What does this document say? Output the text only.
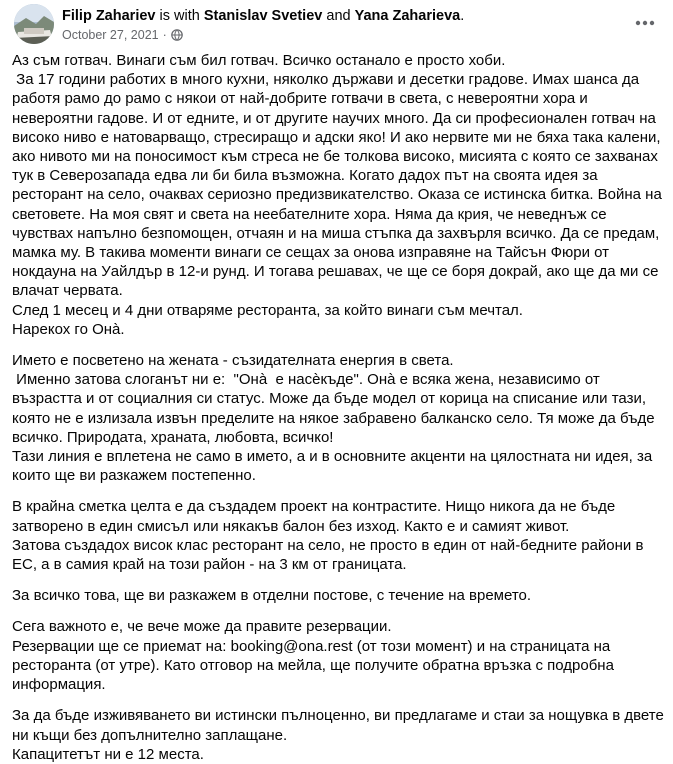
Filip Zahariev is with Stanislav Svetiev and Yana Zaharieva.
October 27, 2021 ·

Аз съм готвач. Винаги съм бил готвач. Всичко останало е просто хоби.
За 17 години работих в много кухни, няколко държави и десетки градове. Имах шанса да работя рамо до рамо с някои от най-добрите готвачи в света, с невероятни хора и невероятни гадове. И от едните, и от другите научих много. Да си професионален готвач на високо ниво е натоварващо, стресиращо и адски яко! И ако нервите ми не бяха така калени, ако нивото ми на поносимост към стреса не бе толкова високо, мисията с която се захванах тук в Северозапада едва ли би била възможна. Когато дадох път на своята идея за ресторант на село, очаквах сериозно предизвикателство. Оказа се истинска битка. Война на световете. На моя свят и света на неебателните хора. Няма да крия, че неведнъж се чувствах напълно безпомощен, отчаян и на миша стъпка да захвърля всичко. Да се предам, мамка му. В такива моменти винаги се сещах за онова изправяне на Тайсън Фюри от нокдауна на Уайлдър в 12-и рунд. И тогава решавах, че ще се боря докрай, ако ще да ми се влачат червата.
След 1 месец и 4 дни отваряме ресторанта, за който винаги съм мечтал.
Нарекох го Онà.

Името е посветено на жената - съзидателната енергия в света.
Именно затова слоганът ни е:  "Онà  е насѐкъде". Онà е всяка жена, независимо от възрастта и от социалния си статус. Може да бъде модел от корица на списание или тази, която не е излизала извън пределите на някое забравено балканско село. Тя може да бъде всичко. Природата, храната, любовта, всичко!
Тази линия е вплетена не само в името, а и в основните акценти на цялостната ни идея, за които ще ви разкажем постепенно.

В крайна сметка целта е да създадем проект на контрастите. Нищо никога да не бъде затворено в един смисъл или някакъв балон без изход. Както е и самият живот.
Затова създадох висок клас ресторант на село, не просто в един от най-бедните райони в ЕС, а в самия край на този район - на 3 км от границата.

За всичко това, ще ви разкажем в отделни постове, с течение на времето.

Сега важното е, че вече може да правите резервации.
Резервации ще се приемат на: booking@ona.rest (от този момент) и на страницата на ресторанта (от утре). Като отговор на мейла, ще получите обратна връзка с подробна информация.

За да бъде изживяването ви истински пълноценно, ви предлагаме и стаи за нощувка в двете ни къщи без допълнително заплащане.
Капацитетът ни е 12 места.
